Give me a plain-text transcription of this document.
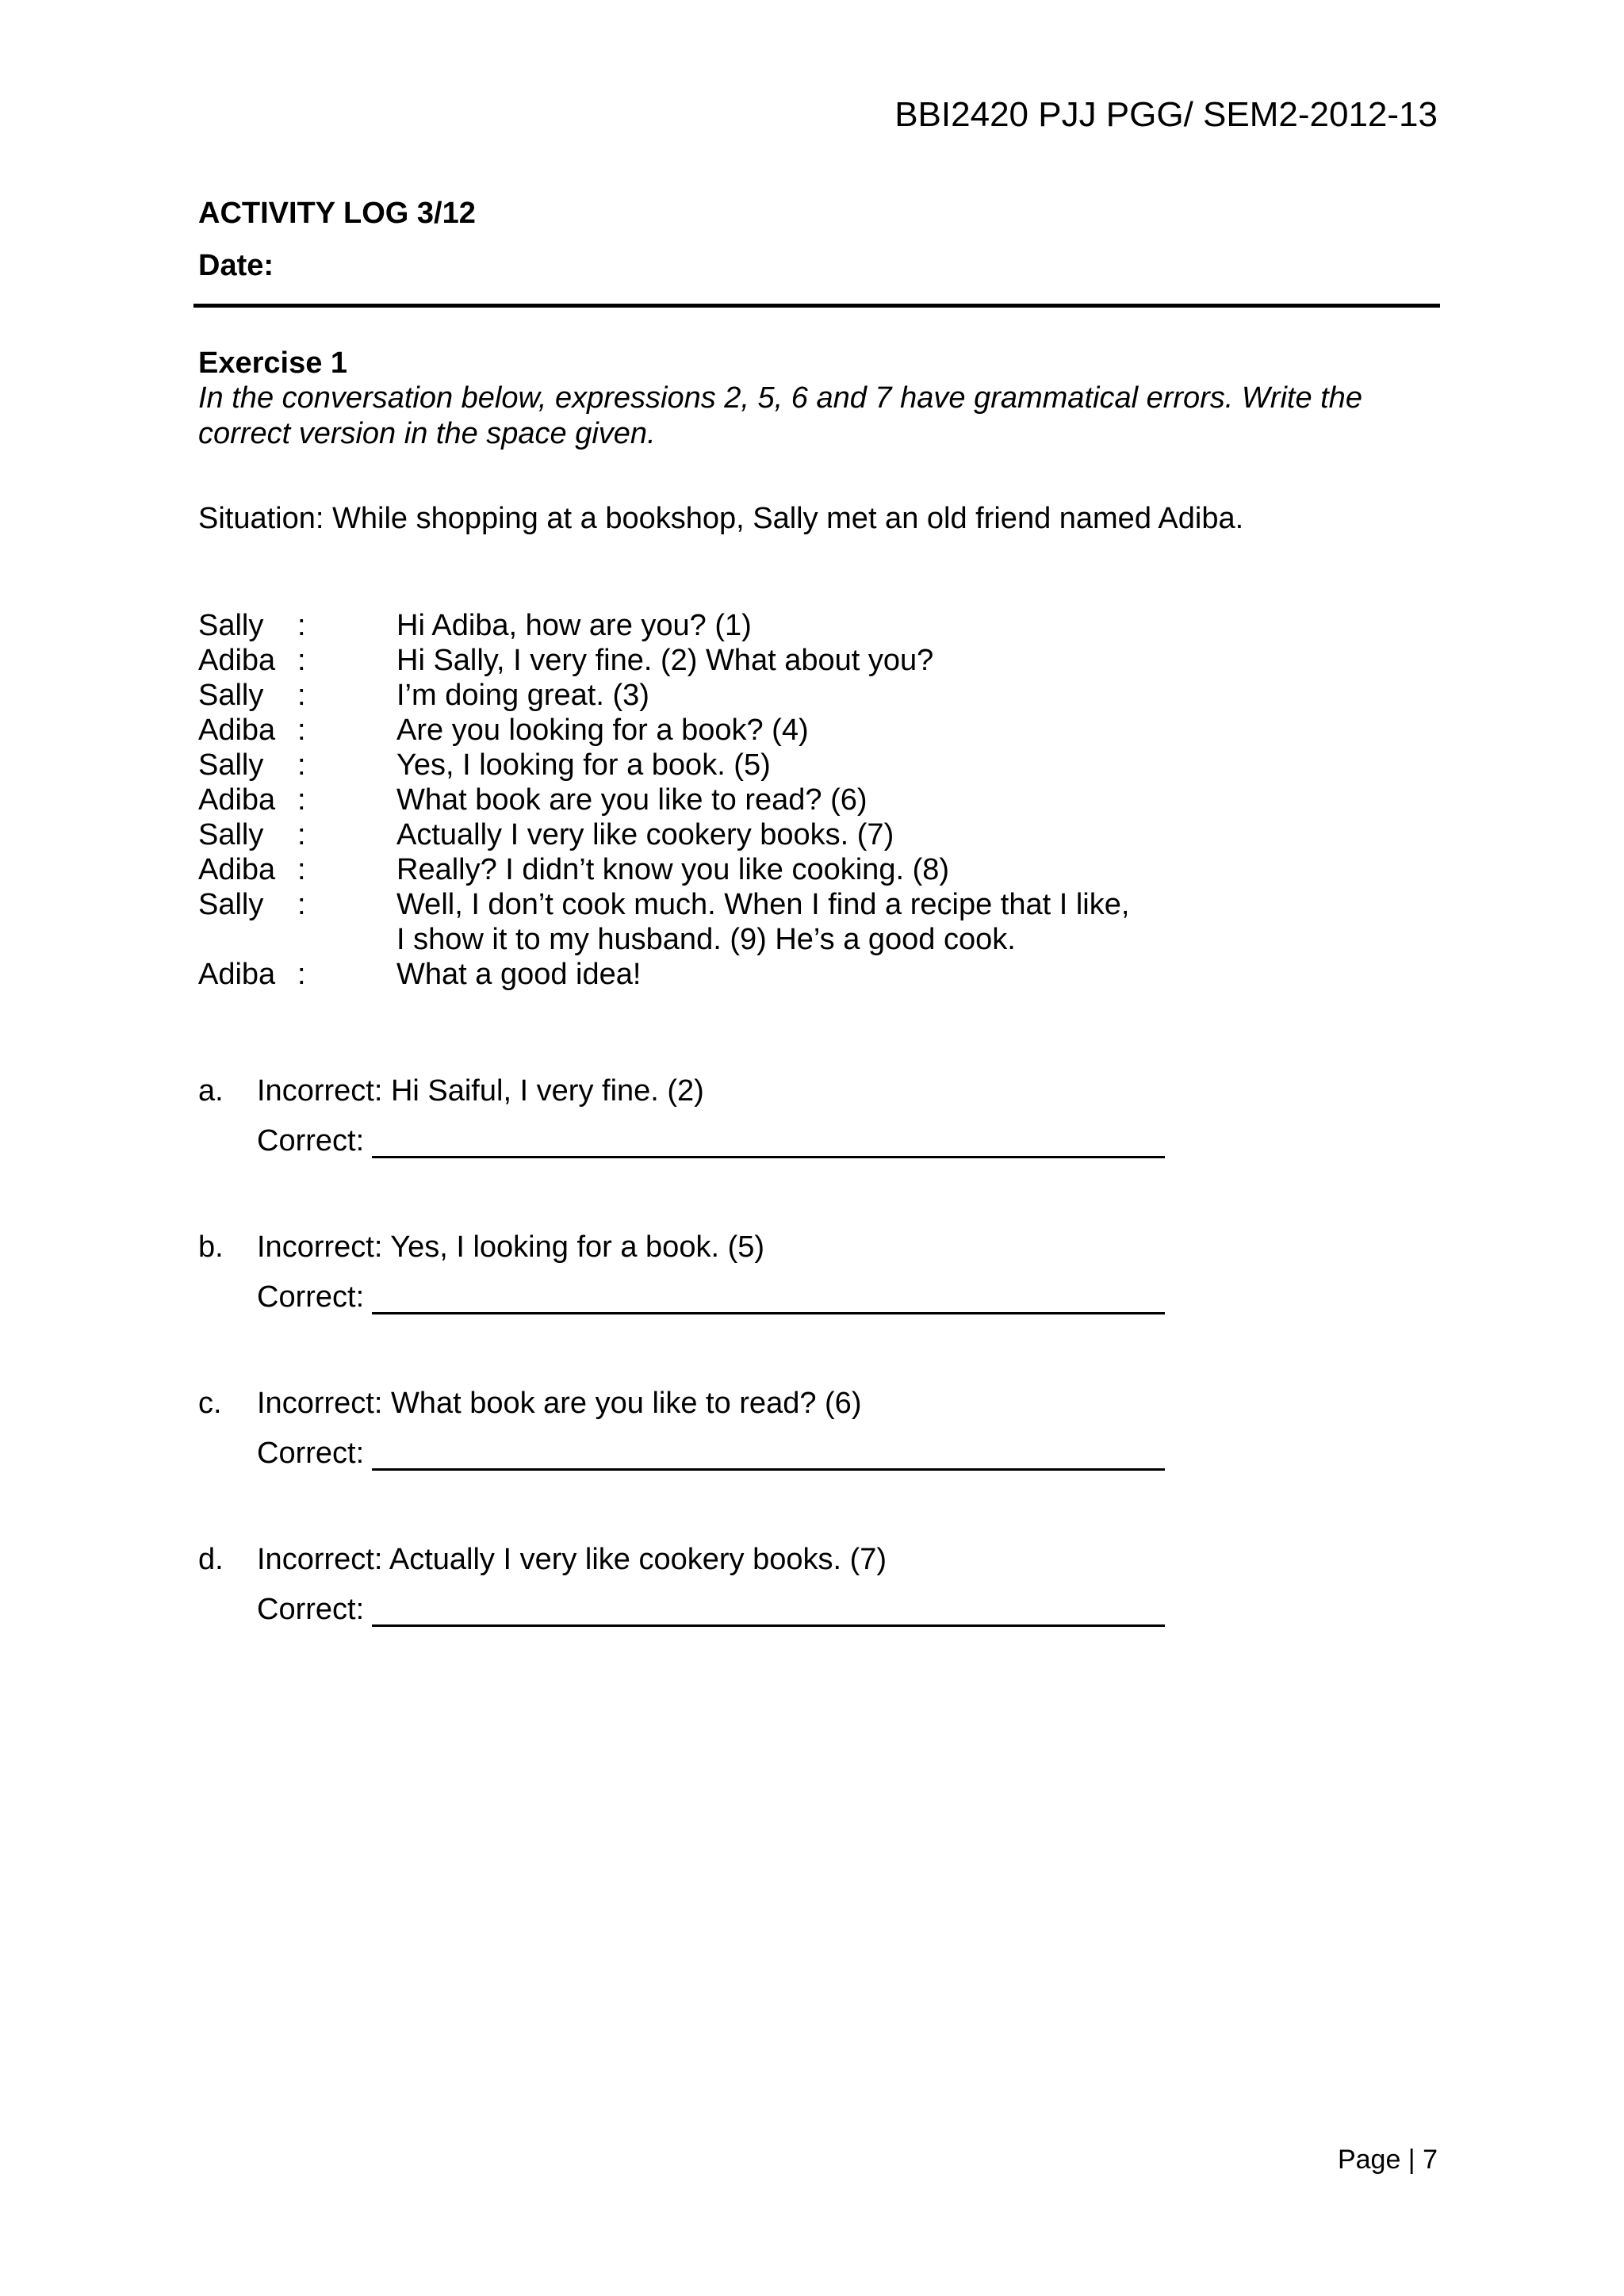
BBI2420 PJJ PGG/ SEM2-2012-13
ACTIVITY LOG 3/12
Date:
Exercise 1
In the conversation below, expressions 2, 5, 6 and 7 have grammatical errors. Write the correct version in the space given.
Situation: While shopping at a bookshop, Sally met an old friend named Adiba.
Sally	:	Hi Adiba, how are you? (1)
Adiba :	Hi Sally, I very fine. (2) What about you?
Sally	:	I’m doing great. (3)
Adiba :	Are you looking for a book? (4)
Sally	:	Yes, I looking for a book. (5)
Adiba :	What book are you like to read? (6)
Sally	:	Actually I very like cookery books. (7)
Adiba :	Really? I didn’t know you like cooking. (8)
Sally	:	Well, I don’t cook much. When I find a recipe that I like,
I show it to my husband. (9) He’s a good cook.
Adiba :	What a good idea!
a.	Incorrect: Hi Saiful, I very fine. (2)
Correct:
b.	Incorrect: Yes, I looking for a book. (5)
Correct:
c.	Incorrect: What book are you like to read? (6)
Correct:
d.	Incorrect: Actually I very like cookery books. (7)
Correct:
Page | 7
